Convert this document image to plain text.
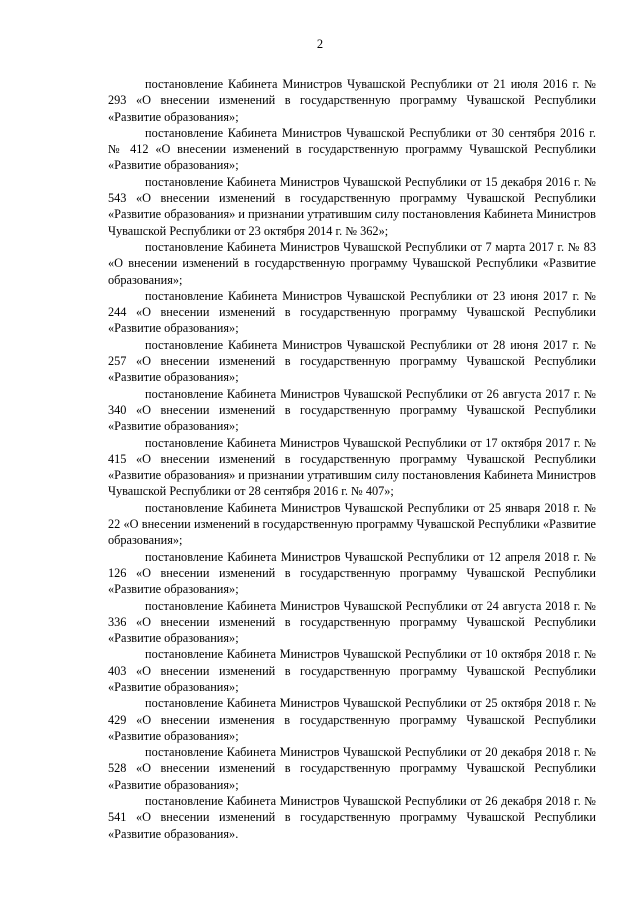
2

постановление Кабинета Министров Чувашской Республики от 21 июля 2016 г. № 293 «О внесении изменений в государственную программу Чувашской Республики «Развитие образования»;

постановление Кабинета Министров Чувашской Республики от 30 сентября 2016 г. № 412 «О внесении изменений в государственную программу Чувашской Республики «Развитие образования»;

постановление Кабинета Министров Чувашской Республики от 15 декабря 2016 г. № 543 «О внесении изменений в государственную программу Чувашской Республики «Развитие образования» и признании утратившим силу постановления Кабинета Министров Чувашской Республики от 23 октября 2014 г. № 362»;

постановление Кабинета Министров Чувашской Республики от 7 марта 2017 г. № 83 «О внесении изменений в государственную программу Чувашской Республики «Развитие образования»;

постановление Кабинета Министров Чувашской Республики от 23 июня 2017 г. № 244 «О внесении изменений в государственную программу Чувашской Республики «Развитие образования»;

постановление Кабинета Министров Чувашской Республики от 28 июня 2017 г. № 257 «О внесении изменений в государственную программу Чувашской Республики «Развитие образования»;

постановление Кабинета Министров Чувашской Республики от 26 августа 2017 г. № 340 «О внесении изменений в государственную программу Чувашской Республики «Развитие образования»;

постановление Кабинета Министров Чувашской Республики от 17 октября 2017 г. № 415 «О внесении изменений в государственную программу Чувашской Республики «Развитие образования» и признании утратившим силу постановления Кабинета Министров Чувашской Республики от 28 сентября 2016 г. № 407»;

постановление Кабинета Министров Чувашской Республики от 25 января 2018 г. № 22 «О внесении изменений в государственную программу Чувашской Республики «Развитие образования»;

постановление Кабинета Министров Чувашской Республики от 12 апреля 2018 г. № 126 «О внесении изменений в государственную программу Чувашской Республики «Развитие образования»;

постановление Кабинета Министров Чувашской Республики от 24 августа 2018 г. № 336 «О внесении изменений в государственную программу Чувашской Республики «Развитие образования»;

постановление Кабинета Министров Чувашской Республики от 10 октября 2018 г. № 403 «О внесении изменений в государственную программу Чувашской Республики «Развитие образования»;

постановление Кабинета Министров Чувашской Республики от 25 октября 2018 г. № 429 «О внесении изменения в государственную программу Чувашской Республики «Развитие образования»;

постановление Кабинета Министров Чувашской Республики от 20 декабря 2018 г. № 528 «О внесении изменений в государственную программу Чувашской Республики «Развитие образования»;

постановление Кабинета Министров Чувашской Республики от 26 декабря 2018 г. № 541 «О внесении изменений в государственную программу Чувашской Республики «Развитие образования».
